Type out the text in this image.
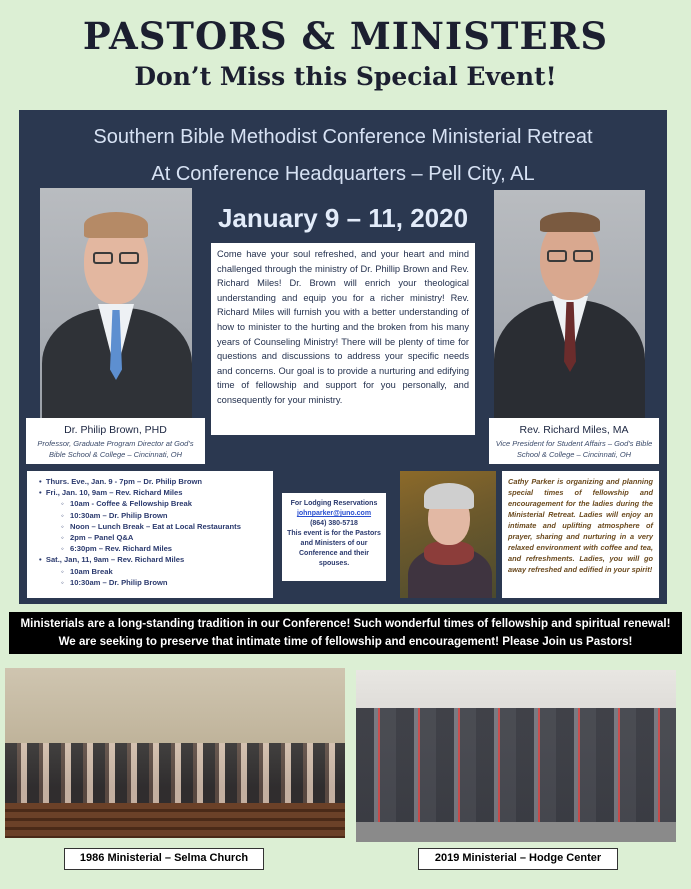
PASTORS & MINISTERS
Don’t Miss this Special Event!
Southern Bible Methodist Conference Ministerial Retreat
At Conference Headquarters – Pell City, AL
January 9 – 11, 2020
Dr. Philip Brown, PHD
Professor, Graduate Program Director at God’s Bible School & College – Cincinnati, OH
Rev. Richard Miles, MA
Vice President for Student Affairs – God’s Bible School & College – Cincinnati, OH
Come have your soul refreshed, and your heart and mind challenged through the ministry of Dr. Phillip Brown and Rev. Richard Miles! Dr. Brown will enrich your theological understanding and equip you for a richer ministry! Rev. Richard Miles will furnish you with a better understanding of how to minister to the hurting and the broken from his many years of Counseling Ministry! There will be plenty of time for questions and discussions to address your specific needs and concerns. Our goal is to provide a nurturing and edifying time of fellowship and support for you personally, and consequently for your ministry.
•  Thurs. Eve., Jan. 9 - 7pm – Dr. Philip Brown
•  Fri., Jan. 10, 9am – Rev. Richard Miles
◦   10am - Coffee & Fellowship Break
◦   10:30am – Dr. Philip Brown
◦   Noon – Lunch Break – Eat at Local Restaurants
◦   2pm – Panel Q&A
◦   6:30pm – Rev. Richard Miles
•  Sat., Jan, 11, 9am – Rev. Richard Miles
◦   10am Break
◦   10:30am – Dr. Philip Brown
For Lodging Reservations
johnparker@juno.com
(864) 380-5718
This event is for the Pastors and Ministers of our Conference and their spouses.
Cathy Parker is organizing and planning special times of fellowship and encouragement for the ladies during the Ministerial Retreat. Ladies will enjoy an intimate and uplifting atmosphere of prayer, sharing and nurturing in a very relaxed environment with coffee and tea, and refreshments. Ladies, you will go away refreshed and edified in your spirit!
Ministerials are a long-standing tradition in our Conference! Such wonderful times of fellowship and spiritual renewal! We are seeking to preserve that intimate time of fellowship and encouragement! Please Join us Pastors!
1986 Ministerial – Selma Church	2019 Ministerial – Hodge Center
